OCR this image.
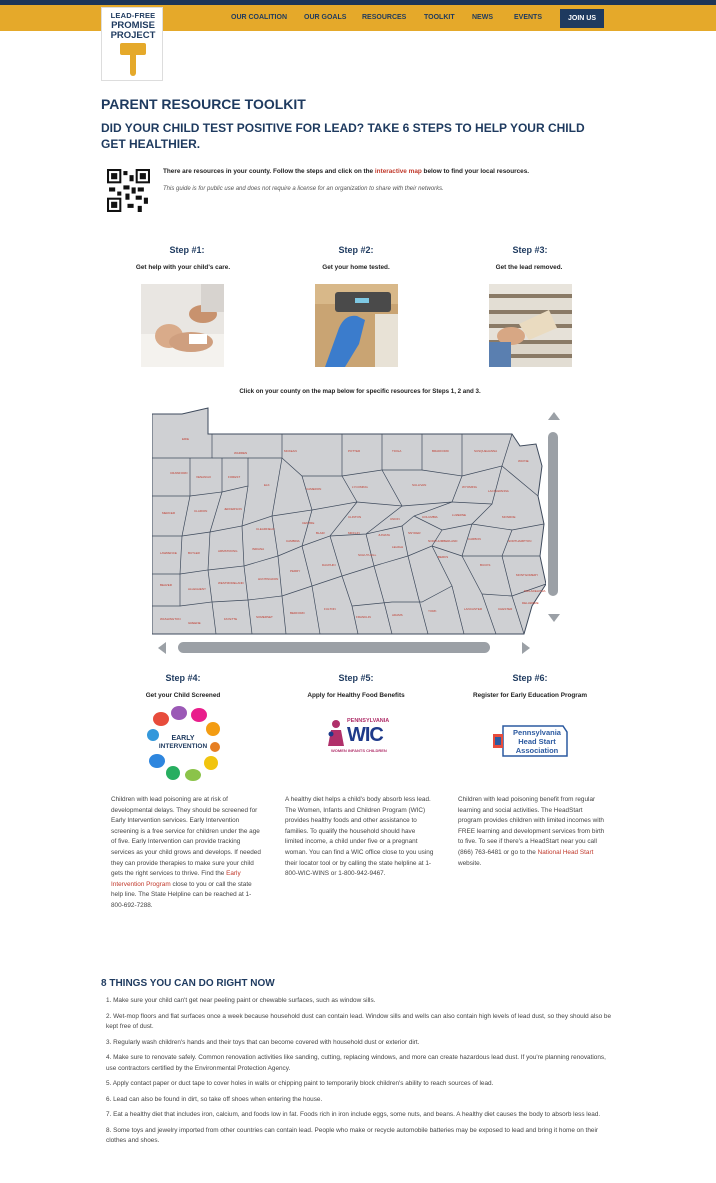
LEAD-FREE
PROMISE
PROJECT
OUR COALITION OUR GOALS RESOURCES	TOOLKIT NEWS	EVENTS	JOIN US
PARENT RESOURCE TOOLKIT
DID YOUR CHILD TEST POSITIVE FOR LEAD? TAKE 6 STEPS TO HELP YOUR CHILD GET HEALTHIER.
There are resources in your county. Follow the steps and click on the interactive map below to find your local resources.
This guide is for public use and does not require a license for an organization to share with their networks.
Step #1:
Get help with your child's care.
Step #2:
Get your home tested.
Step #3:
Get the lead removed.
Click on your county on the map below for specific resources for Steps 1, 2 and 3.
ERIE
WARREN	MCKEAN	POTTER	TIOGA	BRADFORD	SUSQUEHANNA
WAYNE
CRAWFORD
VENANGO	FOREST
ELK
CAMERON	LYCOMING	SULLIVAN	WYOMING
LACKAWANNA
MERCER	CLARION	JEFFERSON
CLEARFIELD
CENTRE
CLINTON	UNION	COLUMBIA	LUZERNE	MONROE
LAWRENCE	BUTLER	ARMSTRONG	INDIANA
CAMBRIA
BLAIR	MIFFLIN	JUNIATA	SNYDER
NORTHUMBERLAND	CARBON	NORTHAMPTON
BEAVER
ALLEGHENY
WESTMORELAND
HUNTINGDON
PERRY
DAUPHIN
SCHUYLKILL
LEHIGH
BERKS
BUCKS
WASHINGTON
GREENE
FAYETTE	SOMERSET
BEDFORD
FULTON
FRANKLIN	ADAMS
YORK	LANCASTER	CHESTER
DELAWARE
MONTGOMERY
PHILADELPHIA
Step #4:
Get your Child Screened
Step #5:
Apply for Healthy Food Benefits
Step #6:
Register for Early Education Program
EARLY
INTERVENTION
PENNSYLVANIA
WIC
WOMEN INFANTS CHILDREN
Pennsylvania
Head Start
Association
Children with lead poisoning are at risk of developmental delays. They should be screened for Early Intervention services. Early Intervention screening is a free service for children under the age of five. Early Intervention can provide tracking services as your child grows and develops. If needed they can provide therapies to make sure your child gets the right services to thrive. Find the Early Intervention Program close to you or call the state help line. The State Helpline can be reached at 1-800-692-7288.
A healthy diet helps a child's body absorb less lead. The Women, Infants and Children Program (WIC) provides healthy foods and other assistance to families. To qualify the household should have limited income, a child under five or a pregnant woman. You can find a WIC office close to you using their locator tool or by calling the state helpline at 1-800-WIC-WINS or 1-800-942-9467.
Children with lead poisoning benefit from regular learning and social activities. The HeadStart program provides children with limited incomes with FREE learning and development services from birth to five. To see if there's a HeadStart near you call (866) 763-6481 or go to the National Head Start website.
8 THINGS YOU CAN DO RIGHT NOW
1. Make sure your child can't get near peeling paint or chewable surfaces, such as window sills.
2. Wet-mop floors and flat surfaces once a week because household dust can contain lead. Window sills and wells can also contain high levels of lead dust, so they should also be kept free of dust.
3. Regularly wash children's hands and their toys that can become covered with household dust or exterior dirt.
4. Make sure to renovate safely. Common renovation activities like sanding, cutting, replacing windows, and more can create hazardous lead dust. If you're planning renovations, use contractors certified by the Environmental Protection Agency.
5. Apply contact paper or duct tape to cover holes in walls or chipping paint to temporarily block children's ability to reach sources of lead.
6. Lead can also be found in dirt, so take off shoes when entering the house.
7. Eat a healthy diet that includes iron, calcium, and foods low in fat. Foods rich in iron include eggs, some nuts, and beans. A healthy diet causes the body to absorb less lead.
8. Some toys and jewelry imported from other countries can contain lead. People who make or recycle automobile batteries may be exposed to lead and bring it home on their clothes and shoes.
